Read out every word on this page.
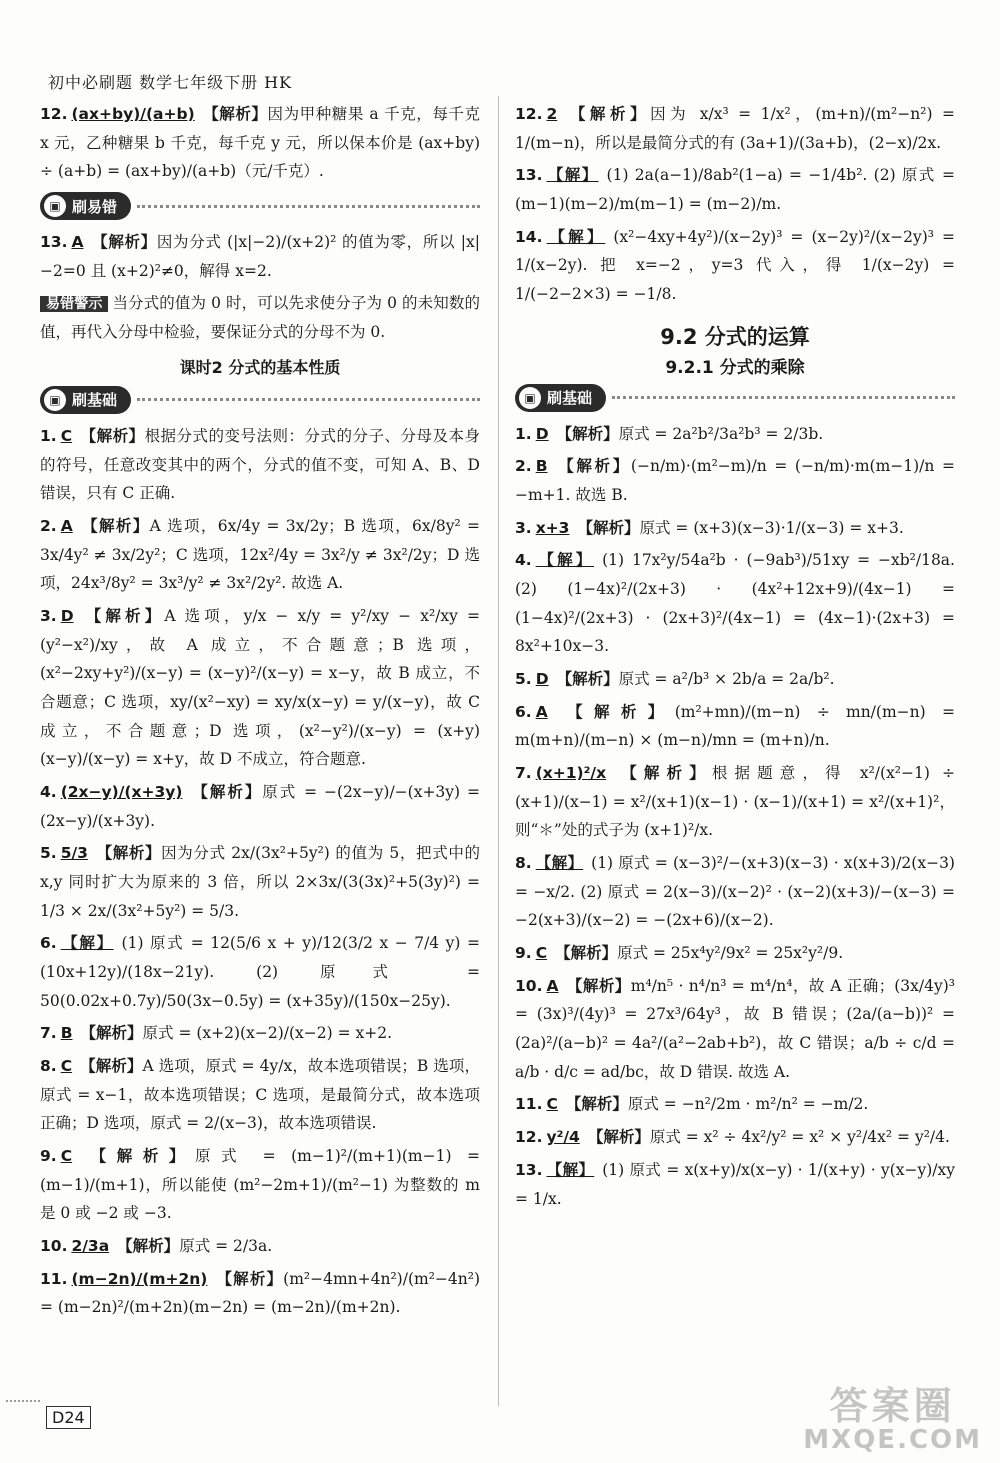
初中必刷题 数学七年级下册 HK
12. (ax+by)/(a+b) 【解析】因为甲种糖果 a 千克，每千克 x 元，乙种糖果 b 千克，每千克 y 元，所以保本价是 (ax+by) ÷ (a+b) = (ax+by)/(a+b)（元/千克）.
▣ 刷易错
13. A 【解析】因为分式 (|x|−2)/(x+2)² 的值为零，所以 |x|−2=0 且 (x+2)²≠0，解得 x=2.
易错警示 当分式的值为 0 时，可以先求使分子为 0 的未知数的值，再代入分母中检验，要保证分式的分母不为 0.
课时2 分式的基本性质
▣ 刷基础
1. C 【解析】根据分式的变号法则：分式的分子、分母及本身的符号，任意改变其中的两个，分式的值不变，可知 A、B、D 错误，只有 C 正确.
2. A 【解析】A 选项，6x/4y = 3x/2y；B 选项，6x/8y² = 3x/4y² ≠ 3x/2y²；C 选项，12x²/4y = 3x²/y ≠ 3x²/2y；D 选项，24x³/8y² = 3x³/y² ≠ 3x²/2y². 故选 A.
3. D 【解析】A 选项，y/x − x/y = y²/xy − x²/xy = (y²−x²)/xy，故 A 成立，不合题意；B 选项，(x²−2xy+y²)/(x−y) = (x−y)²/(x−y) = x−y，故 B 成立，不合题意；C 选项，xy/(x²−xy) = xy/x(x−y) = y/(x−y)，故 C 成立，不合题意；D 选项，(x²−y²)/(x−y) = (x+y)(x−y)/(x−y) = x+y，故 D 不成立，符合题意.
4. (2x−y)/(x+3y) 【解析】原式 = −(2x−y)/−(x+3y) = (2x−y)/(x+3y).
5. 5/3 【解析】因为分式 2x/(3x²+5y²) 的值为 5，把式中的 x,y 同时扩大为原来的 3 倍，所以 2×3x/(3(3x)²+5(3y)²) = 1/3 × 2x/(3x²+5y²) = 5/3.
6. 【解】 (1) 原式 = 12(5/6 x + y)/12(3/2 x − 7/4 y) = (10x+12y)/(18x−21y). (2) 原式 = 50(0.02x+0.7y)/50(3x−0.5y) = (x+35y)/(150x−25y).
7. B 【解析】原式 = (x+2)(x−2)/(x−2) = x+2.
8. C 【解析】A 选项，原式 = 4y/x，故本选项错误；B 选项，原式 = x−1，故本选项错误；C 选项，是最简分式，故本选项正确；D 选项，原式 = 2/(x−3)，故本选项错误.
9. C 【解析】原式 = (m−1)²/(m+1)(m−1) = (m−1)/(m+1)，所以能使 (m²−2m+1)/(m²−1) 为整数的 m 是 0 或 −2 或 −3.
10. 2/3a 【解析】原式 = 2/3a.
11. (m−2n)/(m+2n) 【解析】(m²−4mn+4n²)/(m²−4n²) = (m−2n)²/(m+2n)(m−2n) = (m−2n)/(m+2n).
12. 2 【解析】因为 x/x³ = 1/x²，(m+n)/(m²−n²) = 1/(m−n)，所以是最简分式的有 (3a+1)/(3a+b)，(2−x)/2x.
13. 【解】 (1) 2a(a−1)/8ab²(1−a) = −1/4b². (2) 原式 = (m−1)(m−2)/m(m−1) = (m−2)/m.
14. 【解】 (x²−4xy+4y²)/(x−2y)³ = (x−2y)²/(x−2y)³ = 1/(x−2y). 把 x=−2，y=3 代入，得 1/(x−2y) = 1/(−2−2×3) = −1/8.
9.2 分式的运算
9.2.1 分式的乘除
▣ 刷基础
1. D 【解析】原式 = 2a²b²/3a²b³ = 2/3b.
2. B 【解析】(−n/m)·(m²−m)/n = (−n/m)·m(m−1)/n = −m+1. 故选 B.
3. x+3 【解析】原式 = (x+3)(x−3)·1/(x−3) = x+3.
4. 【解】 (1) 17x²y/54a²b · (−9ab³)/51xy = −xb²/18a. (2) (1−4x)²/(2x+3) · (4x²+12x+9)/(4x−1) = (1−4x)²/(2x+3) · (2x+3)²/(4x−1) = (4x−1)·(2x+3) = 8x²+10x−3.
5. D 【解析】原式 = a²/b³ × 2b/a = 2a/b².
6. A 【解析】(m²+mn)/(m−n) ÷ mn/(m−n) = m(m+n)/(m−n) × (m−n)/mn = (m+n)/n.
7. (x+1)²/x 【解析】根据题意，得 x²/(x²−1) ÷ (x+1)/(x−1) = x²/(x+1)(x−1) · (x−1)/(x+1) = x²/(x+1)²，则“＊”处的式子为 (x+1)²/x.
8. 【解】 (1) 原式 = (x−3)²/−(x+3)(x−3) · x(x+3)/2(x−3) = −x/2. (2) 原式 = 2(x−3)/(x−2)² · (x−2)(x+3)/−(x−3) = −2(x+3)/(x−2) = −(2x+6)/(x−2).
9. C 【解析】原式 = 25x⁴y²/9x² = 25x²y²/9.
10. A 【解析】m⁴/n⁵ · n⁴/n³ = m⁴/n⁴，故 A 正确；(3x/4y)³ = (3x)³/(4y)³ = 27x³/64y³，故 B 错误；(2a/(a−b))² = (2a)²/(a−b)² = 4a²/(a²−2ab+b²)，故 C 错误；a/b ÷ c/d = a/b · d/c = ad/bc，故 D 错误. 故选 A.
11. C 【解析】原式 = −n²/2m · m²/n² = −m/2.
12. y²/4 【解析】原式 = x² ÷ 4x²/y² = x² × y²/4x² = y²/4.
13. 【解】 (1) 原式 = x(x+y)/x(x−y) · 1/(x+y) · y(x−y)/xy = 1/x.
D24	答案圈
MXQE.COM
